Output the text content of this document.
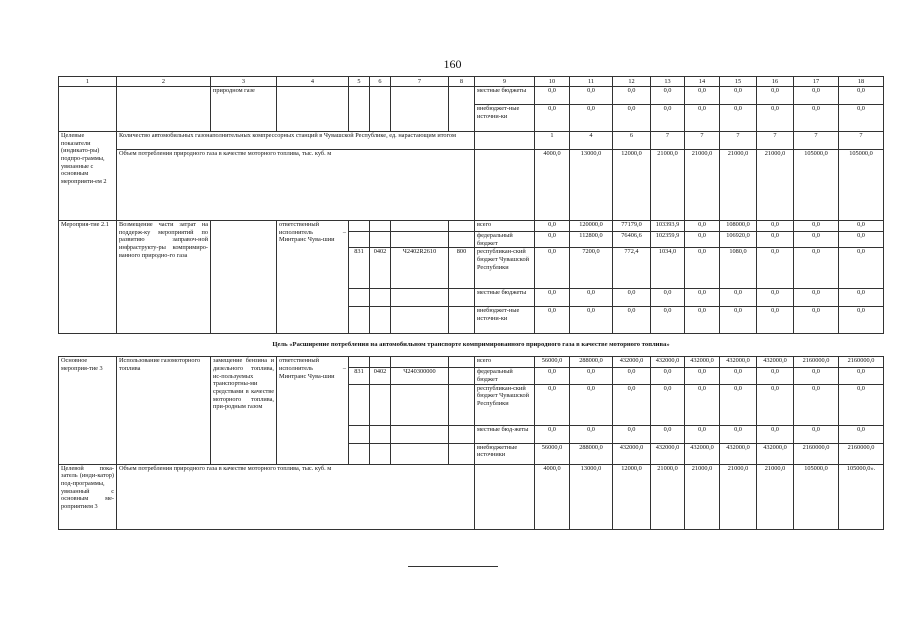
160
1	2	3	4	5	6	7	8	9	10	11	12	13	14	15	16	17	18
		природном газе						местные бюджеты	0,0	0,0	0,0	0,0	0,0	0,0	0,0	0,0	0,0
								внебюджет-ные источни-ки	0,0	0,0	0,0	0,0	0,0	0,0	0,0	0,0	0,0
Целевые показатели (индикато-ры) подпро-граммы, увязанные с основным мероприяти-ем 2	Количество автомобильных газонаполнительных компрессорных станций в Чувашской Республике, ед. нарастающим итогом								1	4	6	7	7	7	7	7	7
	Объем потребления природного газа в качестве моторного топлива, тыс. куб. м								4000,0	13000,0	12000,0	21000,0	21000,0	21000,0	21000,0	105000,0	105000,0
Мероприя-тие 2.1	Возмещение части затрат на поддерж-ку мероприятий по развитию заправоч-ной инфраструкту-ры компримиро-ванного природно-го газа		ответственный исполнитель – Минтранс Чува-шии					всего	0,0	120000,0	77179,0	103393,9	0,0	108000,0	0,0	0,0	0,0
								федеральный бюджет	0,0	112800,0	76406,6	102359,9	0,0	106920,0	0,0	0,0	0,0
				831	0402	Ч2402R2610	800	республикан-ский бюджет Чувашской Республики	0,0	7200,0	772,4	1034,0	0,0	1080,0	0,0	0,0	0,0
								местные бюджеты	0,0	0,0	0,0	0,0	0,0	0,0	0,0	0,0	0,0
								внебюджет-ные источни-ки	0,0	0,0	0,0	0,0	0,0	0,0	0,0	0,0	0,0
Цель «Расширение потребления на автомобильном транспорте компримированного природного газа в качестве моторного топлива»																	
Основное мероприя-тие 3	Использование газомоторного топлива	замещение бензина и дизельного топлива, ис-пользуемых транспортны-ми средствами в качестве моторного топлива, при-родным газом	ответственный исполнитель – Минтранс Чува-шии					всего	56000,0	288000,0	432000,0	432000,0	432000,0	432000,0	432000,0	2160000,0	2160000,0
				831	0402	Ч240300000		федеральный бюджет	0,0	0,0	0,0	0,0	0,0	0,0	0,0	0,0	0,0
								республикан-ский бюджет Чувашской Республики	0,0	0,0	0,0	0,0	0,0	0,0	0,0	0,0	0,0
								местные бюд-жеты	0,0	0,0	0,0	0,0	0,0	0,0	0,0	0,0	0,0
								внебюджетные источники	56000,0	288000,0	432000,0	432000,0	432000,0	432000,0	432000,0	2160000,0	2160000,0
Целевой пока-затель (инди-катор) под-программы, увязанный с основным ме-роприятием 3	Объем потребления природного газа в качестве моторного топлива, тыс. куб. м								4000,0	13000,0	12000,0	21000,0	21000,0	21000,0	21000,0	105000,0	105000,0».
